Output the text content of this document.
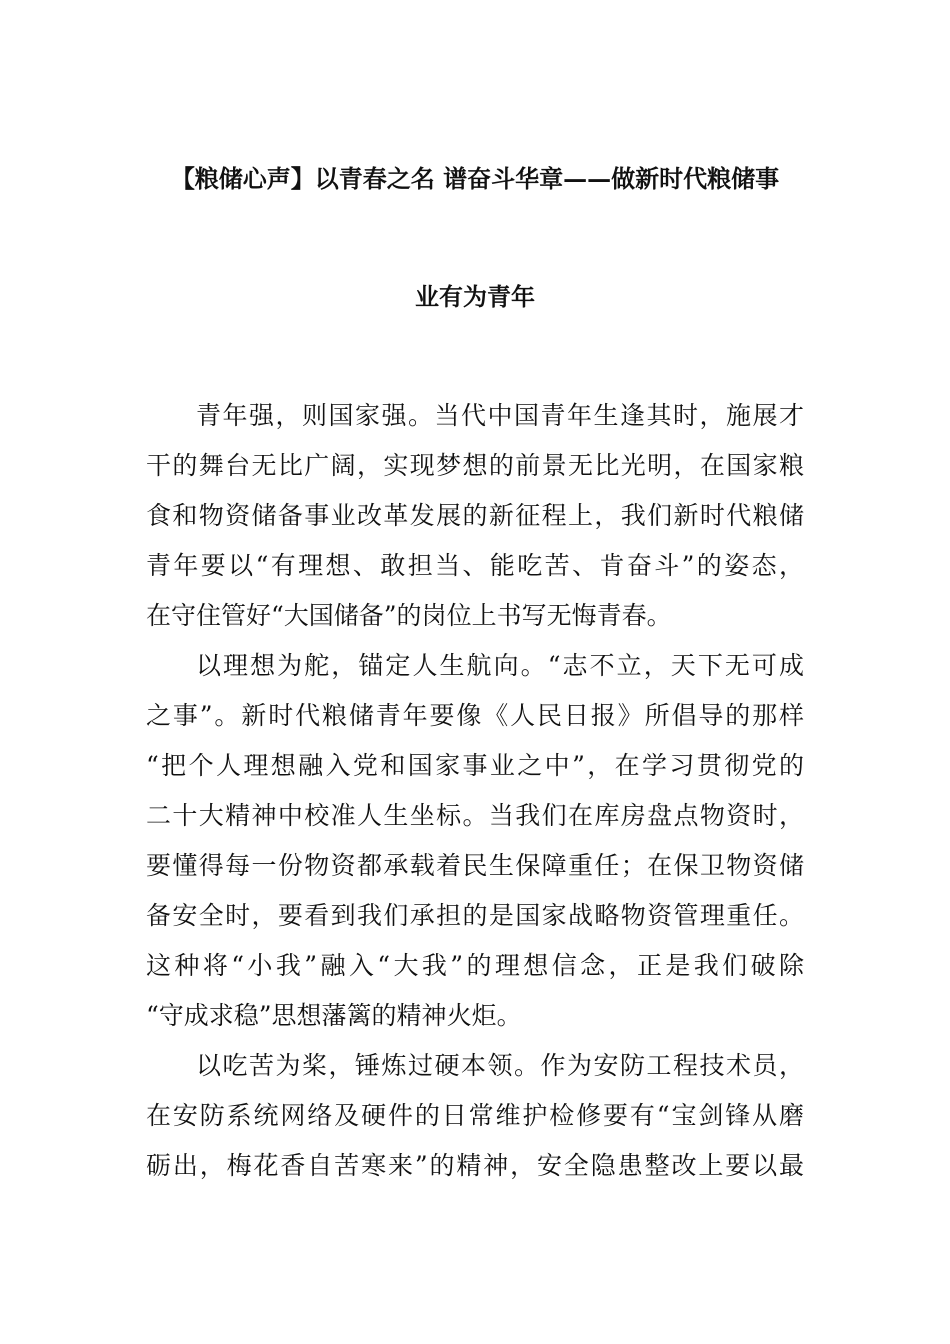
【粮储心声】以青春之名 谱奋斗华章——做新时代粮储事
业有为青年
青年强，则国家强。当代中国青年生逢其时，施展才
干的舞台无比广阔，实现梦想的前景无比光明，在国家粮
食和物资储备事业改革发展的新征程上，我们新时代粮储
青年要以“有理想、敢担当、能吃苦、肯奋斗”的姿态，
在守住管好“大国储备”的岗位上书写无悔青春。
以理想为舵，锚定人生航向。“志不立，天下无可成
之事”。新时代粮储青年要像《人民日报》所倡导的那样
“把个人理想融入党和国家事业之中”，在学习贯彻党的
二十大精神中校准人生坐标。当我们在库房盘点物资时，
要懂得每一份物资都承载着民生保障重任；在保卫物资储
备安全时，要看到我们承担的是国家战略物资管理重任。
这种将“小我”融入“大我”的理想信念，正是我们破除
“守成求稳”思想藩篱的精神火炬。
以吃苦为桨，锤炼过硬本领。作为安防工程技术员，
在安防系统网络及硬件的日常维护检修要有“宝剑锋从磨
砺出，梅花香自苦寒来”的精神，安全隐患整改上要以最
